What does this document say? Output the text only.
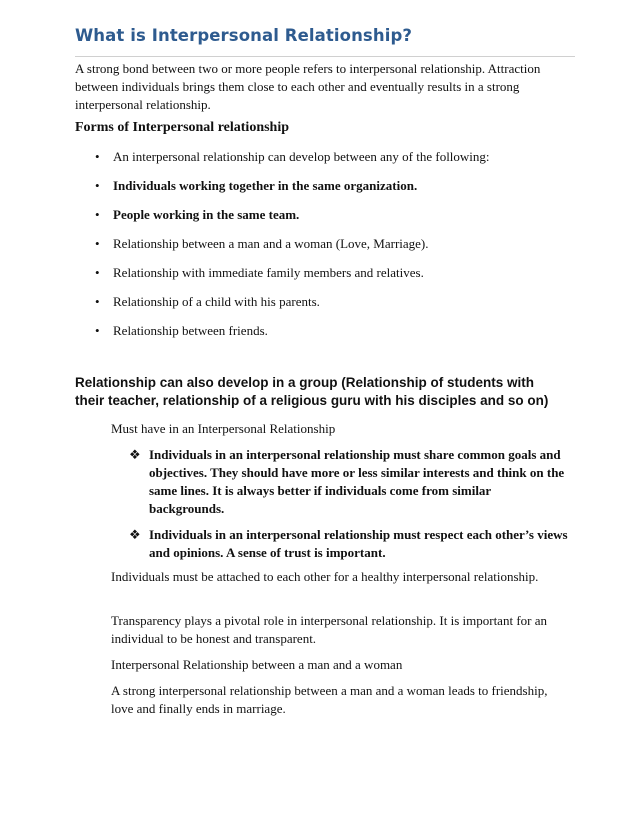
What is Interpersonal Relationship?

A strong bond between two or more people refers to interpersonal relationship. Attraction between individuals brings them close to each other and eventually results in a strong interpersonal relationship.

Forms of Interpersonal relationship
• An interpersonal relationship can develop between any of the following:
• Individuals working together in the same organization.
• People working in the same team.
• Relationship between a man and a woman (Love, Marriage).
• Relationship with immediate family members and relatives.
• Relationship of a child with his parents.
• Relationship between friends.
Relationship can also develop in a group (Relationship of students with their teacher, relationship of a religious guru with his disciples and so on)

Must have in an Interpersonal Relationship

❖ Individuals in an interpersonal relationship must share common goals and objectives. They should have more or less similar interests and think on the same lines. It is always better if individuals come from similar backgrounds.
❖ Individuals in an interpersonal relationship must respect each other’s views and opinions. A sense of trust is important.

Individuals must be attached to each other for a healthy interpersonal relationship.

Transparency plays a pivotal role in interpersonal relationship. It is important for an individual to be honest and transparent.

Interpersonal Relationship between a man and a woman

A strong interpersonal relationship between a man and a woman leads to friendship, love and finally ends in marriage.
